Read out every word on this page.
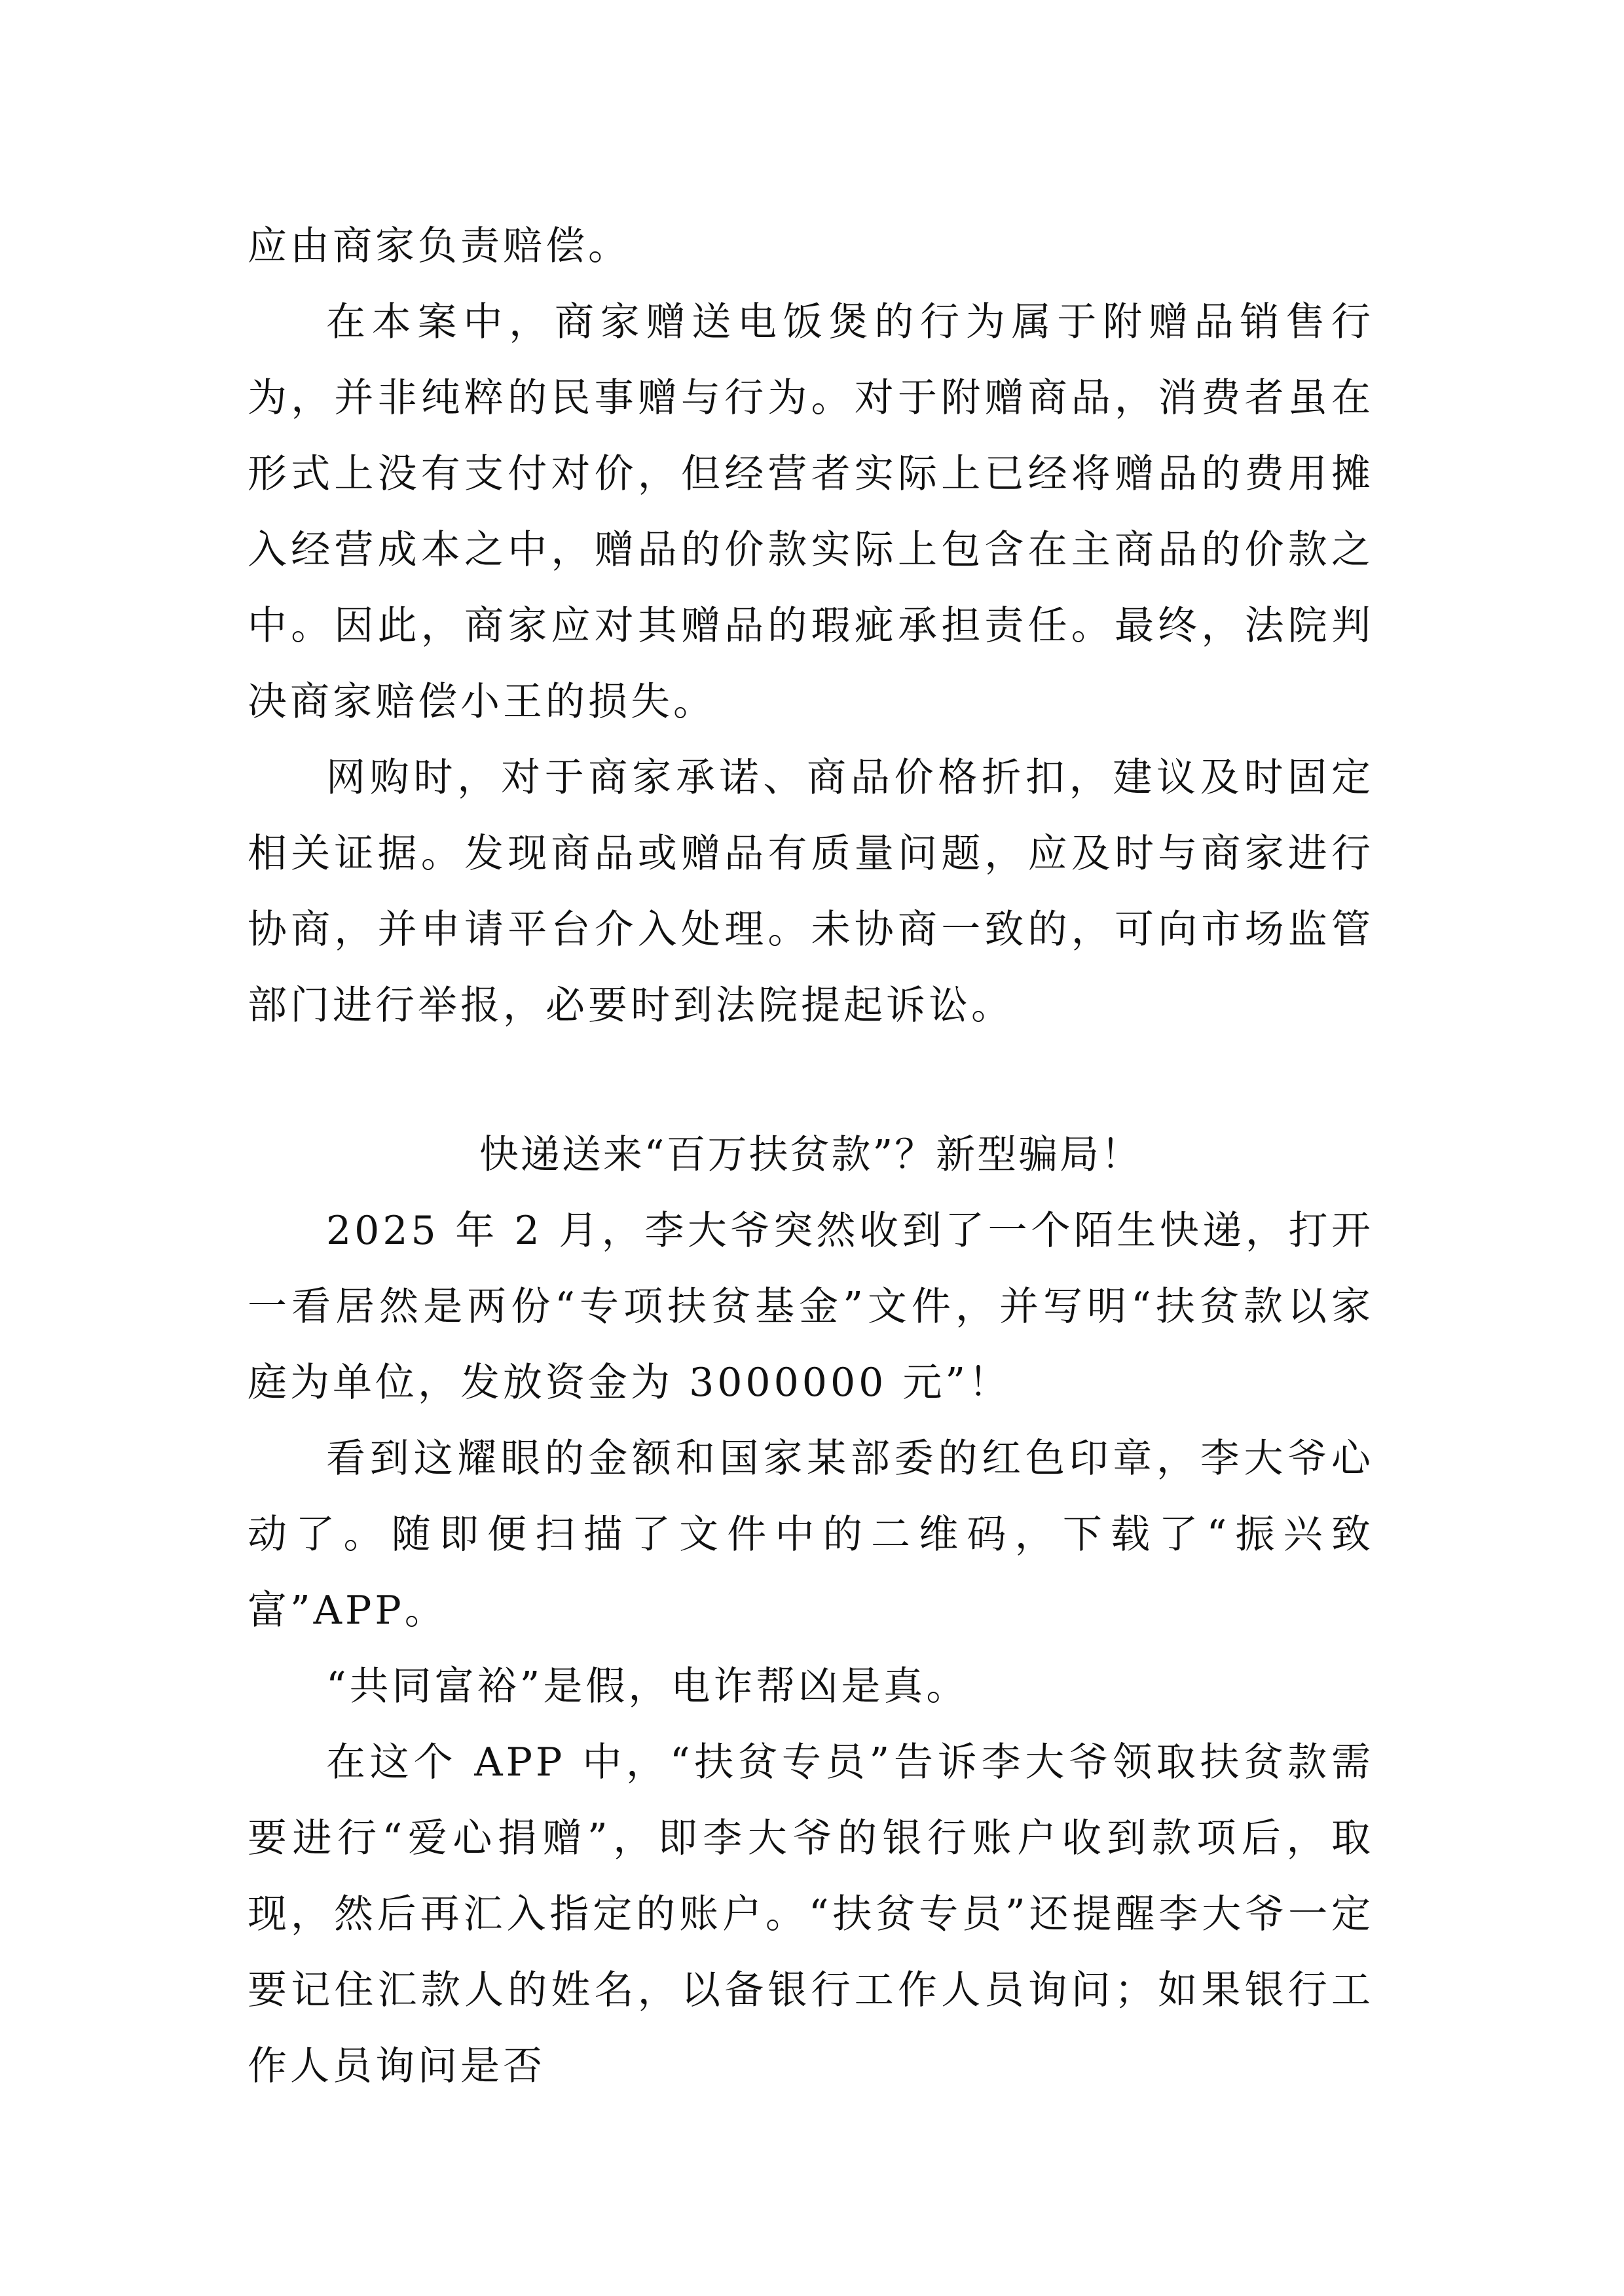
应由商家负责赔偿。

在本案中，商家赠送电饭煲的行为属于附赠品销售行为，并非纯粹的民事赠与行为。对于附赠商品，消费者虽在形式上没有支付对价，但经营者实际上已经将赠品的费用摊入经营成本之中，赠品的价款实际上包含在主商品的价款之中。因此，商家应对其赠品的瑕疵承担责任。最终，法院判决商家赔偿小王的损失。

网购时，对于商家承诺、商品价格折扣，建议及时固定相关证据。发现商品或赠品有质量问题，应及时与商家进行协商，并申请平台介入处理。未协商一致的，可向市场监管部门进行举报，必要时到法院提起诉讼。

快递送来“百万扶贫款”？新型骗局！

2025 年 2 月，李大爷突然收到了一个陌生快递，打开一看居然是两份“专项扶贫基金”文件，并写明“扶贫款以家庭为单位，发放资金为 3000000 元”！

看到这耀眼的金额和国家某部委的红色印章，李大爷心动了。随即便扫描了文件中的二维码，下载了“振兴致富”APP。

“共同富裕”是假，电诈帮凶是真。

在这个 APP 中，“扶贫专员”告诉李大爷领取扶贫款需要进行“爱心捐赠”，即李大爷的银行账户收到款项后，取现，然后再汇入指定的账户。“扶贫专员”还提醒李大爷一定要记住汇款人的姓名，以备银行工作人员询问；如果银行工作人员询问是否
